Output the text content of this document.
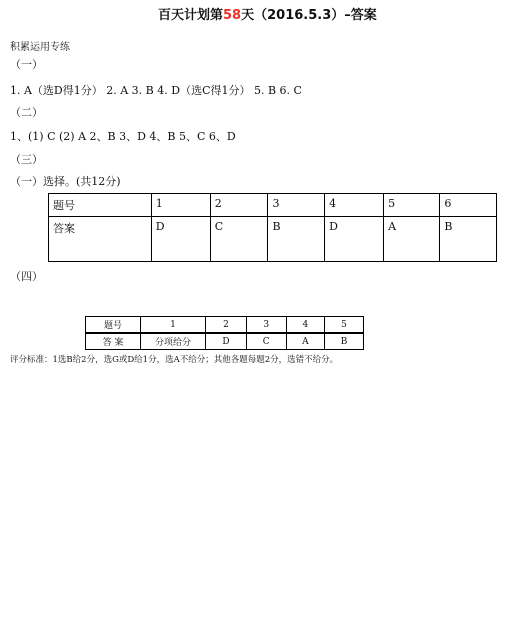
百天计划第58天（2016.5.3）–答案
积累运用专练
（一）
1. A（选D得1分） 2. A 3. B 4. D（选C得1分） 5. B 6. C
（二）
1、(1) C (2) A 2、B 3、D 4、B 5、C 6、D
（三）
（一）选择。(共12分)
题号	1	2	3	4	5	6
答案	D	C	B	D	A	B
（四）
题号	1	2	3	4	5
答 案	分项给分	D	C	A	B
评分标准：1选B给2分，选G或D给1分，选A不给分；其他各题每题2分，选错不给分。
